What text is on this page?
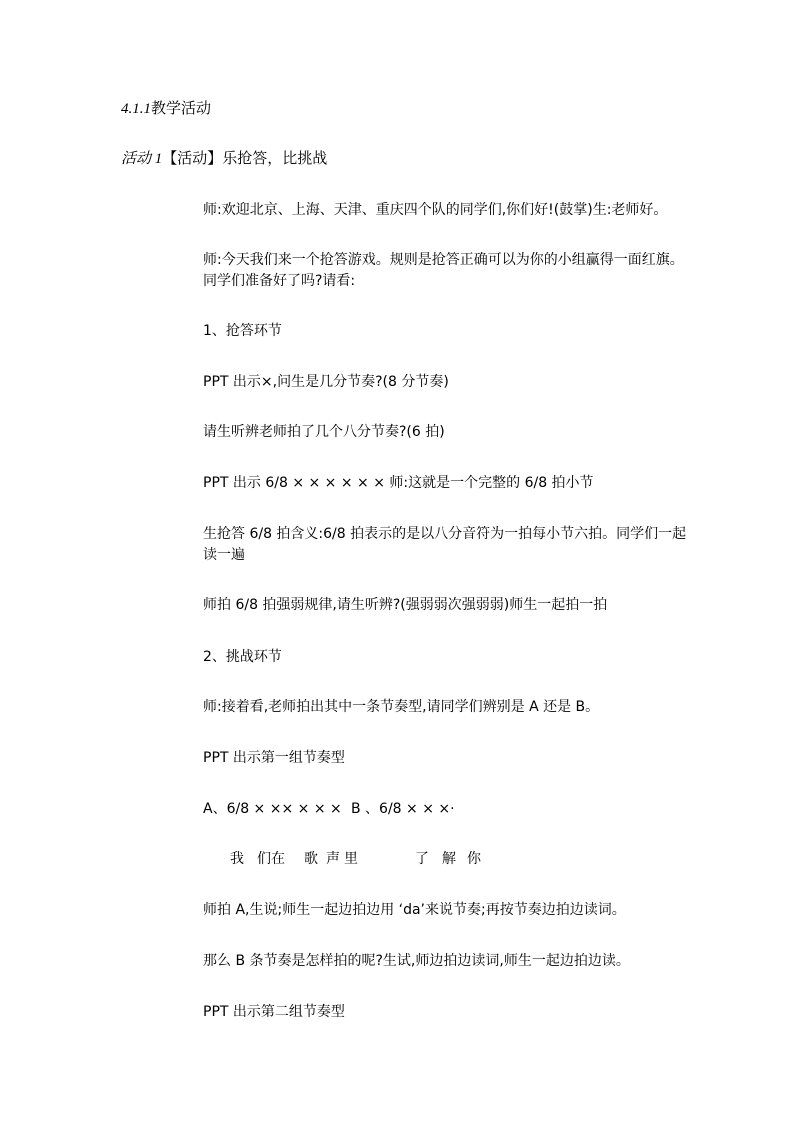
4.1.1教学活动
活动 1【活动】乐抢答，比挑战
师:欢迎北京、上海、天津、重庆四个队的同学们,你们好!(鼓掌)生:老师好。
师:今天我们来一个抢答游戏。规则是抢答正确可以为你的小组赢得一面红旗。
同学们准备好了吗?请看:
1、抢答环节
PPT 出示×,问生是几分节奏?(8 分节奏)
请生听辨老师拍了几个八分节奏?(6 拍)
PPT 出示 6/8 × × × × × × 师:这就是一个完整的 6/8 拍小节
生抢答 6/8 拍含义:6/8 拍表示的是以八分音符为一拍每小节六拍。同学们一起
读一遍
师拍 6/8 拍强弱规律,请生听辨?(强弱弱次强弱弱)师生一起拍一拍
2、挑战环节
师:接着看,老师拍出其中一条节奏型,请同学们辨别是 A 还是 B。
PPT 出示第一组节奏型
A、6/8 × ×× × × × B 、6/8 × × ×·
我 们在 歌 声 里	了 解 你
师拍 A,生说;师生一起边拍边用 ‘da’来说节奏;再按节奏边拍边读词。
那么 B 条节奏是怎样拍的呢?生试,师边拍边读词,师生一起边拍边读。
PPT 出示第二组节奏型
